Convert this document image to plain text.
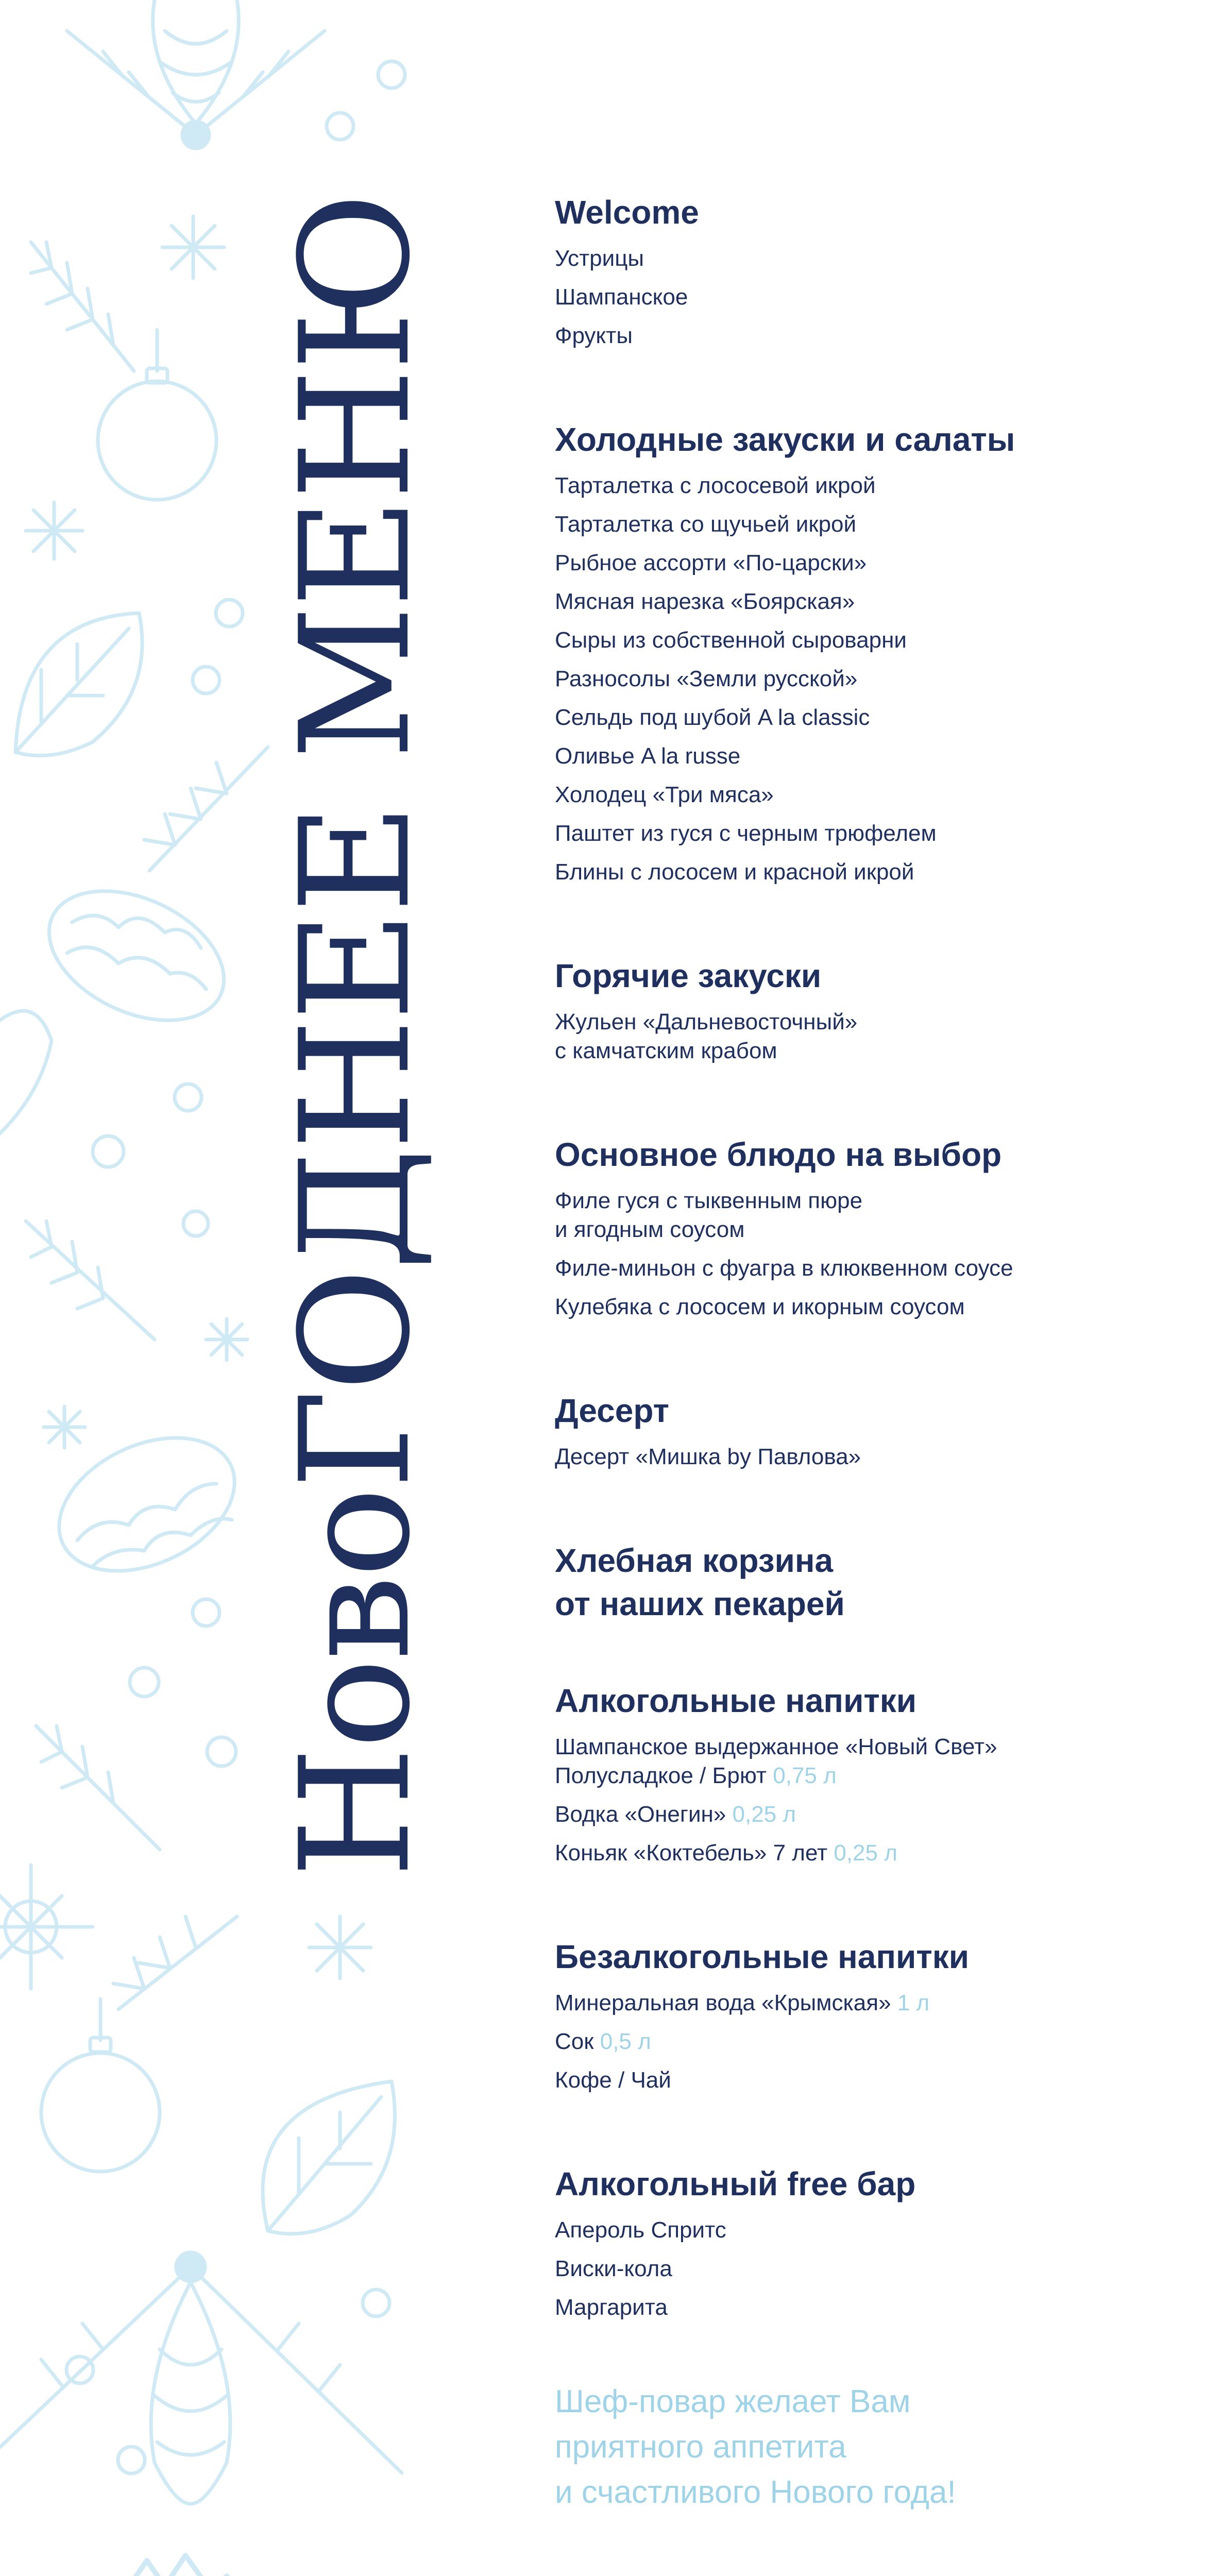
НовоГОДНЕЕ МЕНЮ	Welcome
Устрицы
Шампанское
Фрукты
Холодные закуски и салаты
Тарталетка с лососевой икрой
Тарталетка со щучьей икрой
Рыбное ассорти «По-царски»
Мясная нарезка «Боярская»
Сыры из собственной сыроварни
Разносолы «Земли русской»
Сельдь под шубой A la classic
Оливье A la russe
Холодец «Три мяса»
Паштет из гуся с черным трюфелем
Блины с лососем и красной икрой
Горячие закуски
Жульен «Дальневосточный»
с камчатским крабом
Основное блюдо на выбор
Филе гуся с тыквенным пюре
и ягодным соусом
Филе-миньон с фуагра в клюквенном соусе
Кулебяка с лососем и икорным соусом
Десерт
Десерт «Мишка by Павлова»
Хлебная корзина
от наших пекарей
Алкогольные напитки
Шампанское выдержанное «Новый Свет»
Полусладкое / Брют 0,75 л
Водка «Онегин» 0,25 л
Коньяк «Коктебель» 7 лет 0,25 л
Безалкогольные напитки
Минеральная вода «Крымская» 1 л
Сок 0,5 л
Кофе / Чай
Алкогольный free бар
Апероль Спритс
Виски-кола
Маргарита
Шеф-повар желает Вам
приятного аппетита
и счастливого Нового года!
